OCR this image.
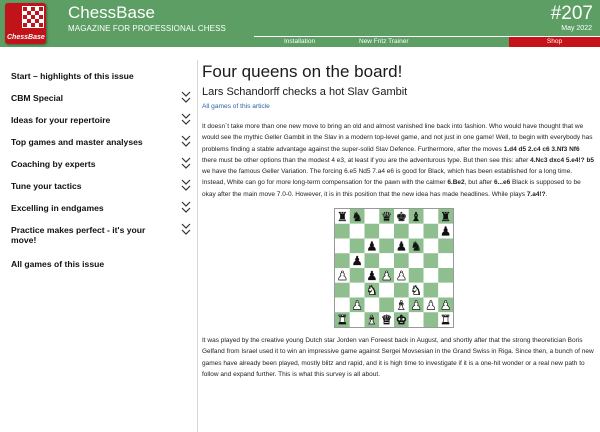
ChessBase
ChessBase
MAGAZINE FOR PROFESSIONAL CHESS
#207
May 2022
Installation	New Fritz Trainer	Shop
Start – highlights of this issue
CBM Special
Ideas for your repertoire
Top games and master analyses
Coaching by experts
Tune your tactics
Excelling in endgames
Practice makes perfect - it's your
move!
All games of this issue
Four queens on the board!
Lars Schandorff checks a hot Slav Gambit
All games of this article

It doesn´t take more than one new move to bring an old and almost vanished line back into fashion. Who would have thought that we would see the mythic Geller Gambit in the Slav in a modern top-level game, and not just in one game! Well, to begin with everybody has problems finding a stable advantage against the super-solid Slav Defence. Furthermore, after the moves 1.d4 d5 2.c4 c6 3.Nf3 Nf6 there must be other options than the modest 4 e3, at least if you are the adventurous type. But then see this: after 4.Nc3 dxc4 5.e4!? b5 we have the famous Geller Variation. The forcing 6.e5 Nd5 7.a4 e6 is good for Black, which has been established for a long time. Instead, White can go for more long-term compensation for the pawn with the calmer 6.Be2, but after 6...e6 Black is supposed to be okay after the main move 7.0-0. However, it is in this position that the new idea has made headlines. While plays 7.a4!?.

It was played by the creative young Dutch star Jorden van Foreest back in August, and shortly after that the strong theoretician Boris Gelfand from Israel used it to win an impressive game against Sergei Movsesian in the Grand Swiss in Riga. Since then, a bunch of new games have already been played, mostly blitz and rapid, and it is high time to investigate if it is a one-hit wonder or a real new path to follow and expand further. This is what this survey is all about.
